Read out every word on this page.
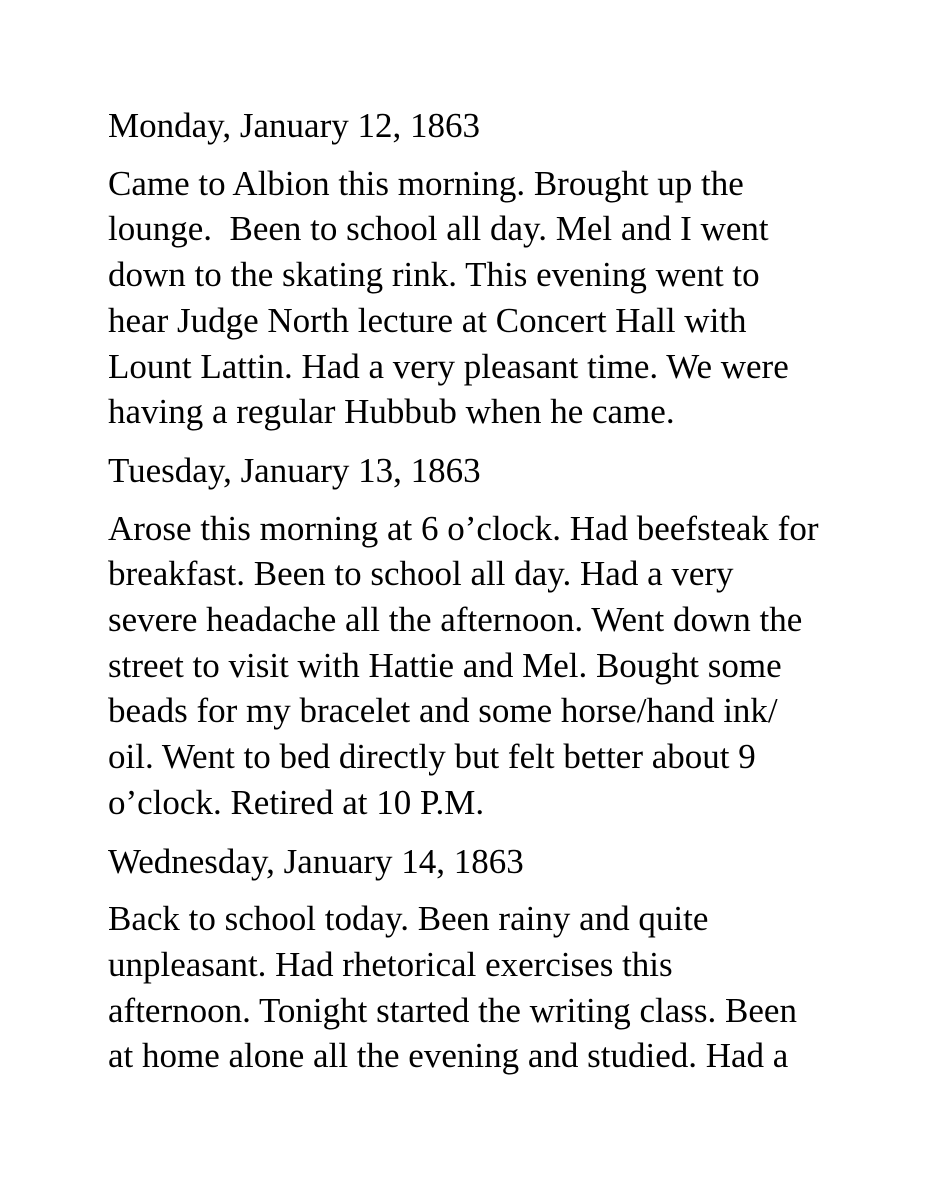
Monday, January 12, 1863
Came to Albion this morning. Brought up the
lounge.  Been to school all day. Mel and I went
down to the skating rink. This evening went to
hear Judge North lecture at Concert Hall with
Lount Lattin. Had a very pleasant time. We were
having a regular Hubbub when he came.
Tuesday, January 13, 1863
Arose this morning at 6 o’clock. Had beefsteak for
breakfast. Been to school all day. Had a very
severe headache all the afternoon. Went down the
street to visit with Hattie and Mel. Bought some
beads for my bracelet and some horse/hand ink/
oil. Went to bed directly but felt better about 9
o’clock. Retired at 10 P.M.
Wednesday, January 14, 1863
Back to school today. Been rainy and quite
unpleasant. Had rhetorical exercises this
afternoon. Tonight started the writing class. Been
at home alone all the evening and studied. Had a
